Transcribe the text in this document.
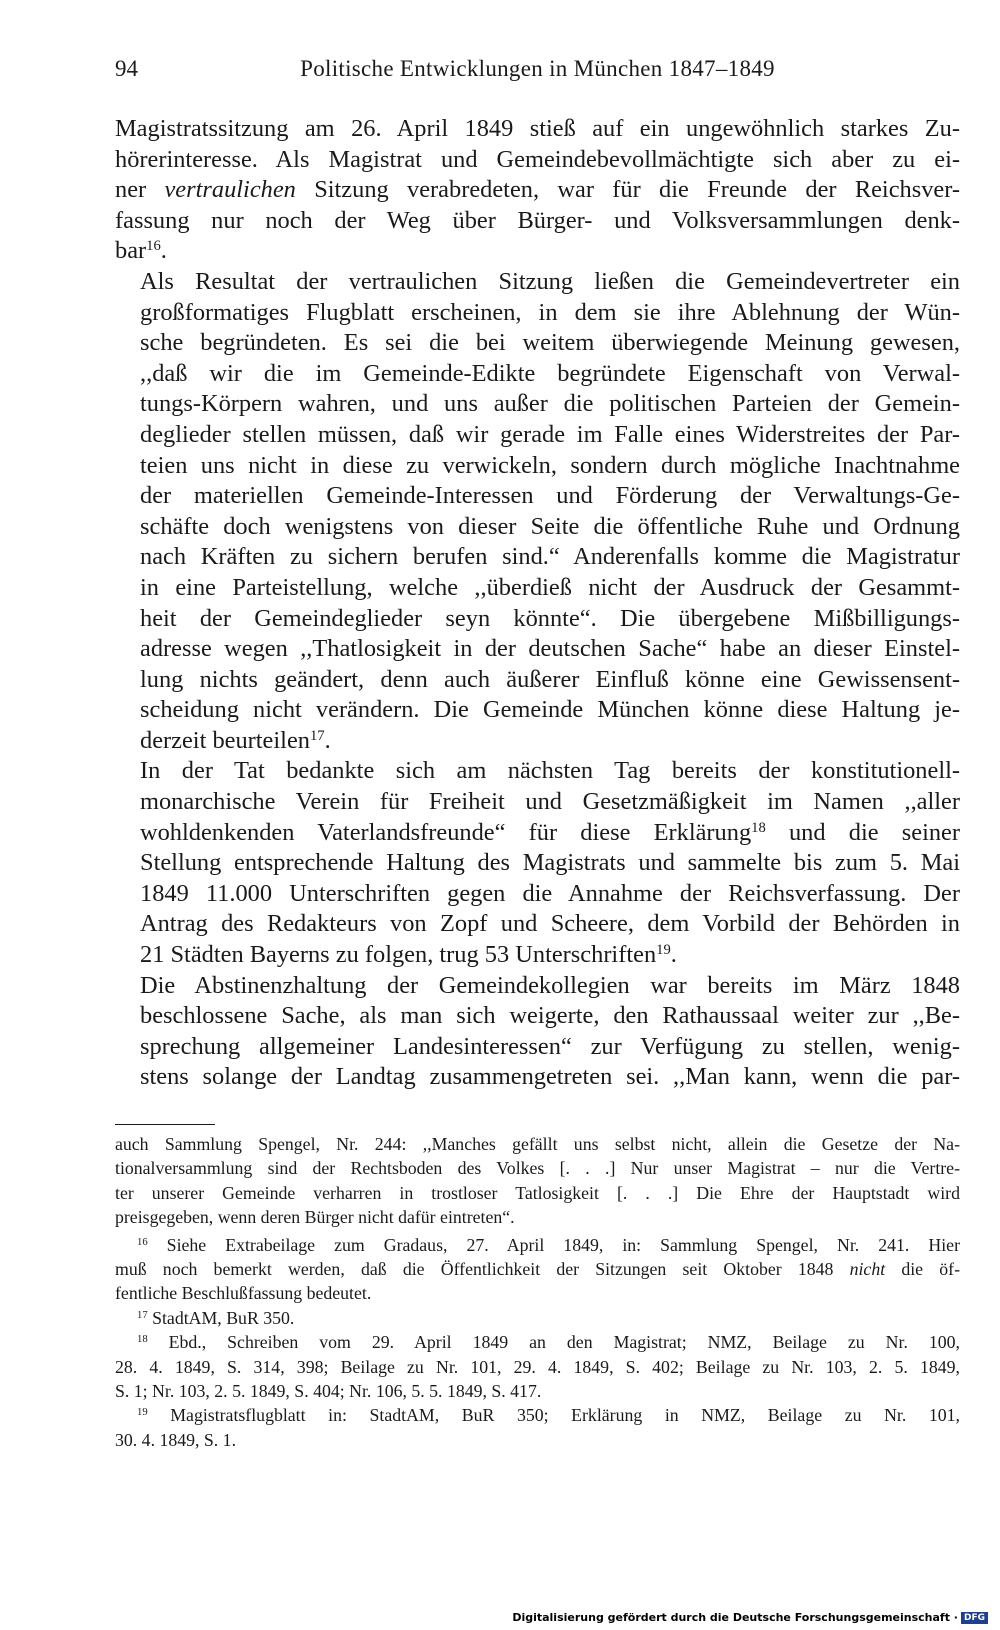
94	Politische Entwicklungen in München 1847–1849

Magistratssitzung am 26. April 1849 stieß auf ein ungewöhnlich starkes Zu-
hörerinteresse. Als Magistrat und Gemeindebevollmächtigte sich aber zu ei-
ner vertraulichen Sitzung verabredeten, war für die Freunde der Reichsver-
fassung nur noch der Weg über Bürger- und Volksversammlungen denk-
bar$^{16}$.

Als Resultat der vertraulichen Sitzung ließen die Gemeindevertreter ein
großformatiges Flugblatt erscheinen, in dem sie ihre Ablehnung der Wün-
sche begründeten. Es sei die bei weitem überwiegende Meinung gewesen,
,,daß wir die im Gemeinde-Edikte begründete Eigenschaft von Verwal-
tungs-Körpern wahren, und uns außer die politischen Parteien der Gemein-
deglieder stellen müssen, daß wir gerade im Falle eines Widerstreites der Par-
teien uns nicht in diese zu verwickeln, sondern durch mögliche Inachtnahme
der materiellen Gemeinde-Interessen und Förderung der Verwaltungs-Ge-
schäfte doch wenigstens von dieser Seite die öffentliche Ruhe und Ordnung
nach Kräften zu sichern berufen sind.“ Anderenfalls komme die Magistratur
in eine Parteistellung, welche ,,überdieß nicht der Ausdruck der Gesammt-
heit der Gemeindeglieder seyn könnte“. Die übergebene Mißbilligungs-
adresse wegen ,,Thatlosigkeit in der deutschen Sache“ habe an dieser Einstel-
lung nichts geändert, denn auch äußerer Einfluß könne eine Gewissensent-
scheidung nicht verändern. Die Gemeinde München könne diese Haltung je-
derzeit beurteilen$^{17}$.

In der Tat bedankte sich am nächsten Tag bereits der konstitutionell-
monarchische Verein für Freiheit und Gesetzmäßigkeit im Namen ,,aller
wohldenkenden Vaterlandsfreunde“ für diese Erklärung$^{18}$ und die seiner
Stellung entsprechende Haltung des Magistrats und sammelte bis zum 5. Mai
1849 11.000 Unterschriften gegen die Annahme der Reichsverfassung. Der
Antrag des Redakteurs von Zopf und Scheere, dem Vorbild der Behörden in
21 Städten Bayerns zu folgen, trug 53 Unterschriften$^{19}$.

Die Abstinenzhaltung der Gemeindekollegien war bereits im März 1848
beschlossene Sache, als man sich weigerte, den Rathaussaal weiter zur ,,Be-
sprechung allgemeiner Landesinteressen“ zur Verfügung zu stellen, wenig-
stens solange der Landtag zusammengetreten sei. ,,Man kann, wenn die par-

auch Sammlung Spengel, Nr. 244: ,,Manches gefällt uns selbst nicht, allein die Gesetze der Na-
tionalversammlung sind der Rechtsboden des Volkes [. . .] Nur unser Magistrat – nur die Vertre-
ter unserer Gemeinde verharren in trostloser Tatlosigkeit [. . .] Die Ehre der Hauptstadt wird
preisgegeben, wenn deren Bürger nicht dafür eintreten“.
$^{16}$ Siehe Extrabeilage zum Gradaus, 27. April 1849, in: Sammlung Spengel, Nr. 241. Hier
muß noch bemerkt werden, daß die Öffentlichkeit der Sitzungen seit Oktober 1848 nicht die öf-
fentliche Beschlußfassung bedeutet.
$^{17}$ StadtAM, BuR 350.
$^{18}$ Ebd., Schreiben vom 29. April 1849 an den Magistrat; NMZ, Beilage zu Nr. 100,
28. 4. 1849, S. 314, 398; Beilage zu Nr. 101, 29. 4. 1849, S. 402; Beilage zu Nr. 103, 2. 5. 1849,
S. 1; Nr. 103, 2. 5. 1849, S. 404; Nr. 106, 5. 5. 1849, S. 417.
$^{19}$ Magistratsflugblatt in: StadtAM, BuR 350; Erklärung in NMZ, Beilage zu Nr. 101,
30. 4. 1849, S. 1.
Digitalisierung gefördert durch die Deutsche Forschungsgemeinschaft · DFG
